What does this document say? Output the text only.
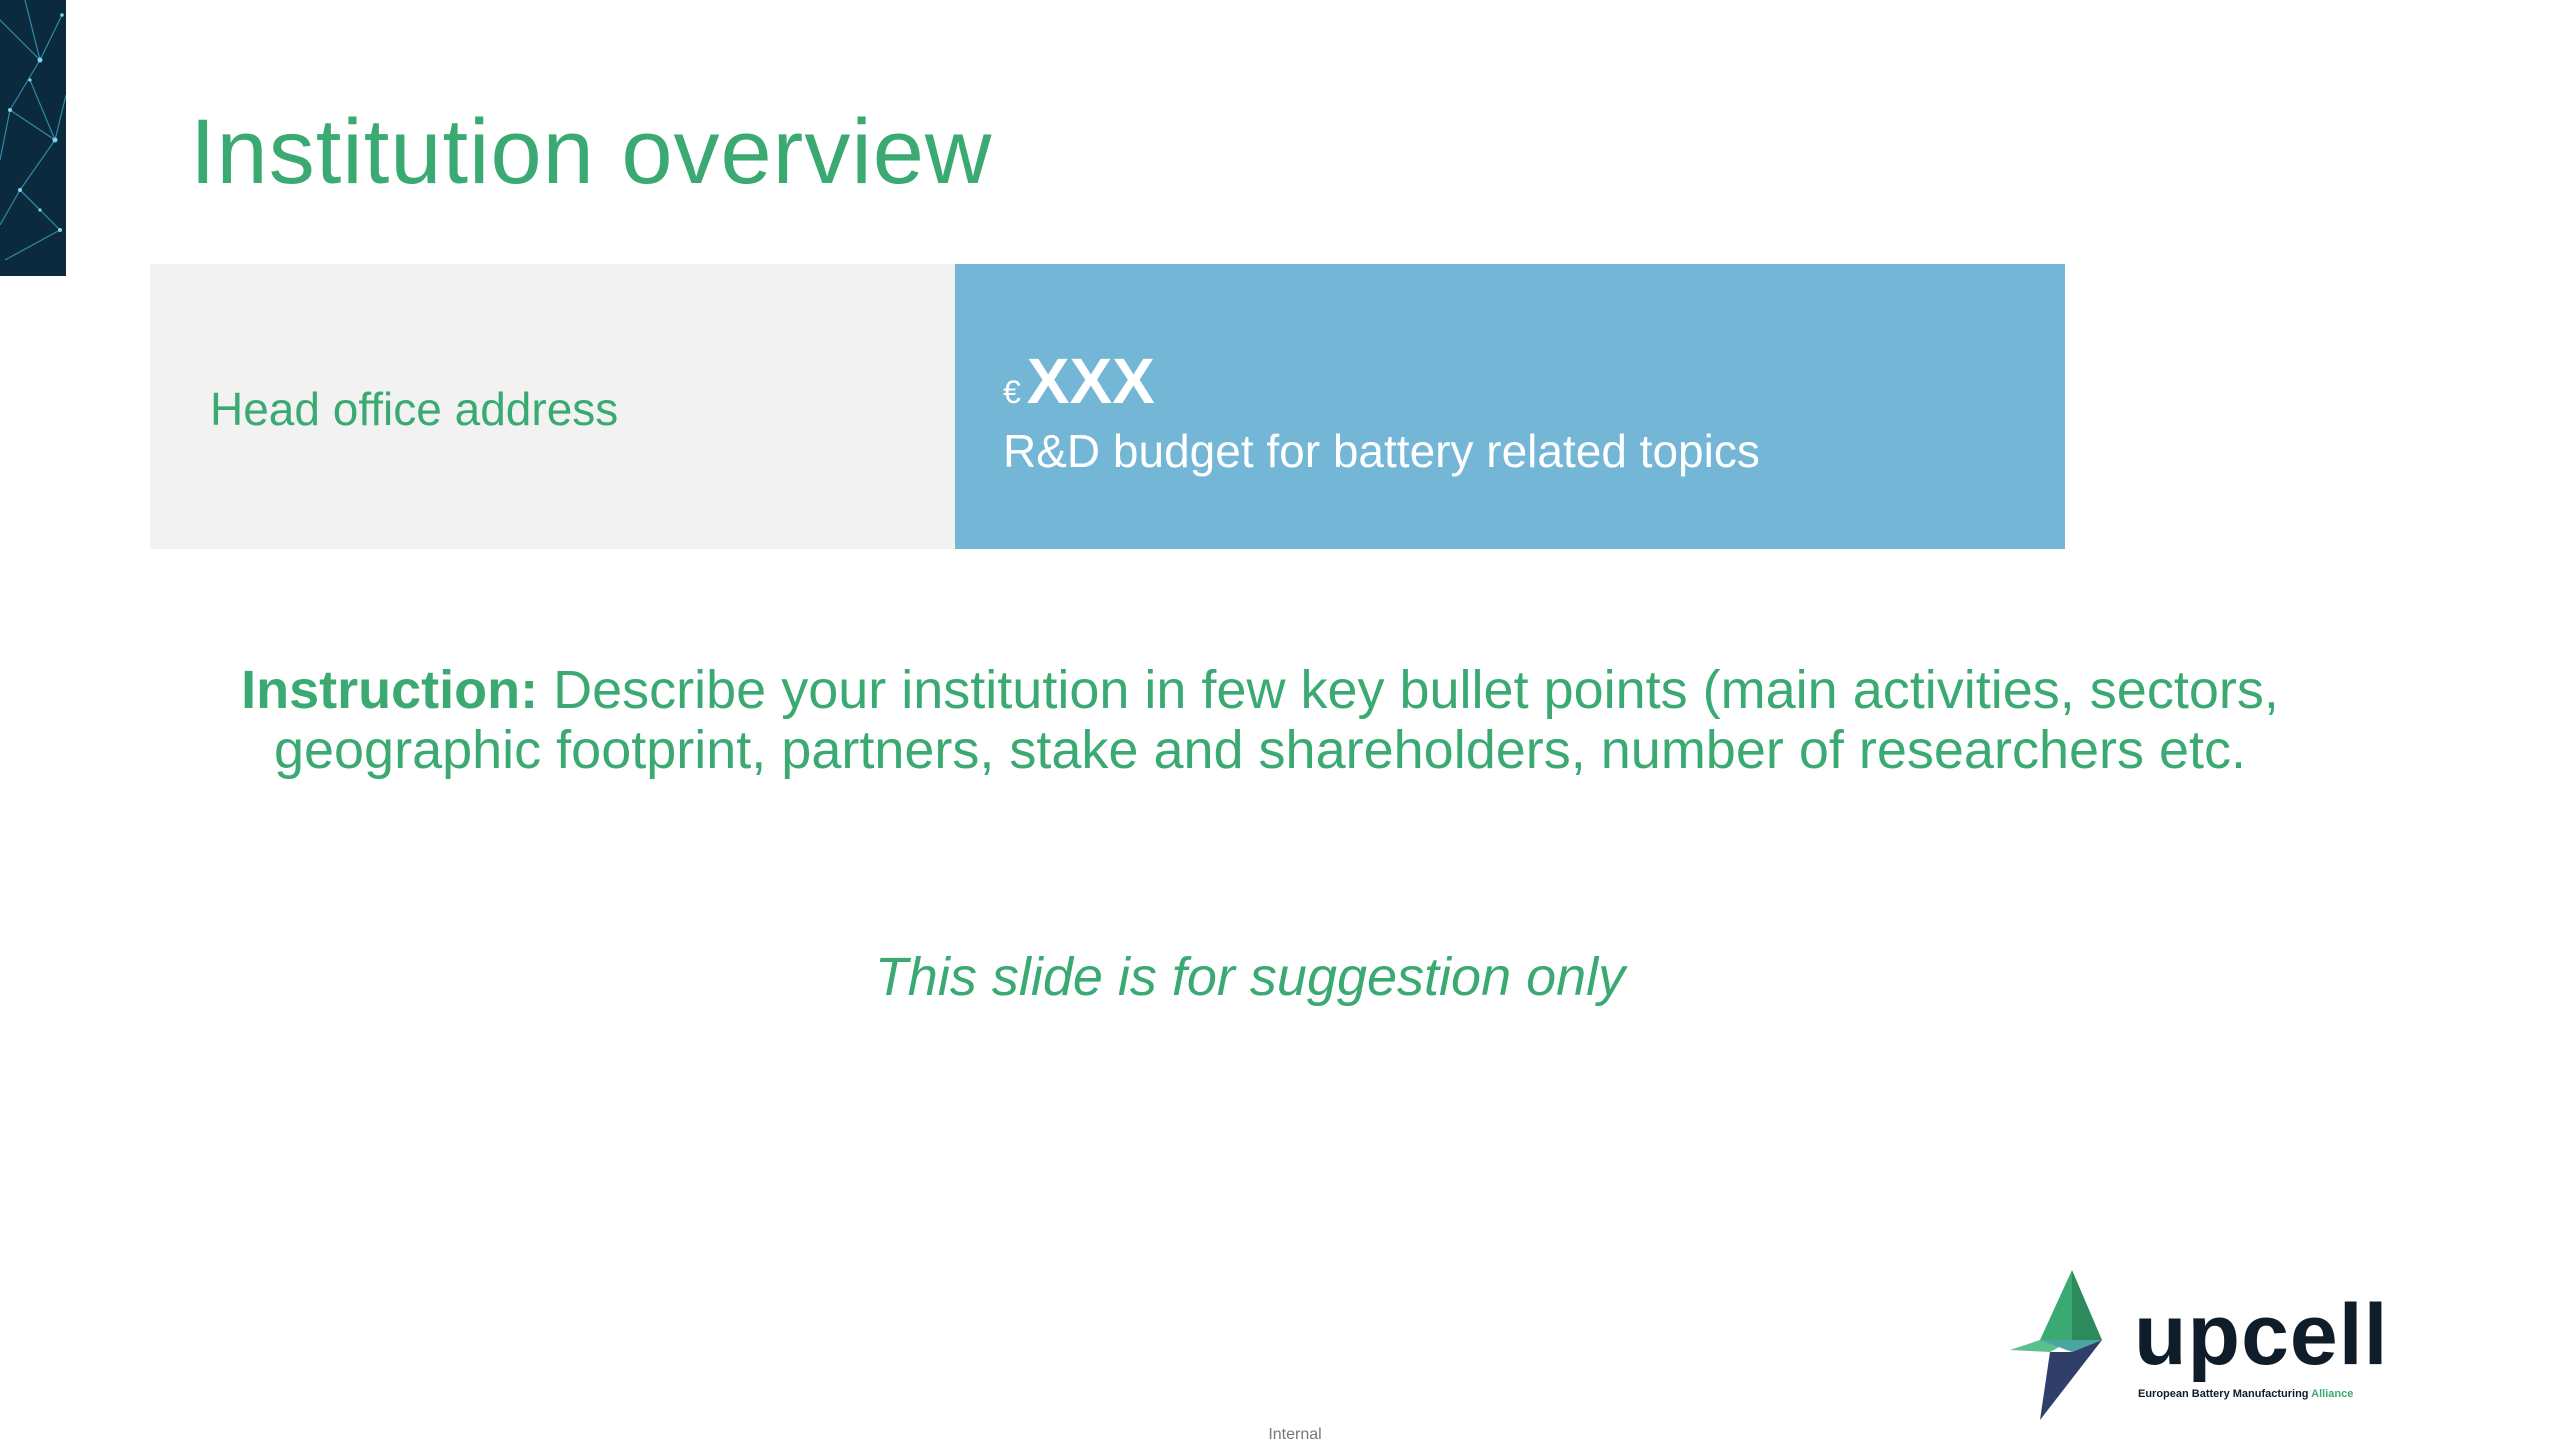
Institution overview
Head office address	€XXX
R&D budget for battery related topics
Instruction: Describe your institution in few key bullet points (main activities, sectors, geographic footprint, partners, stake and shareholders, number of researchers etc.
This slide is for suggestion only
Internal
upcell
European Battery Manufacturing Alliance
